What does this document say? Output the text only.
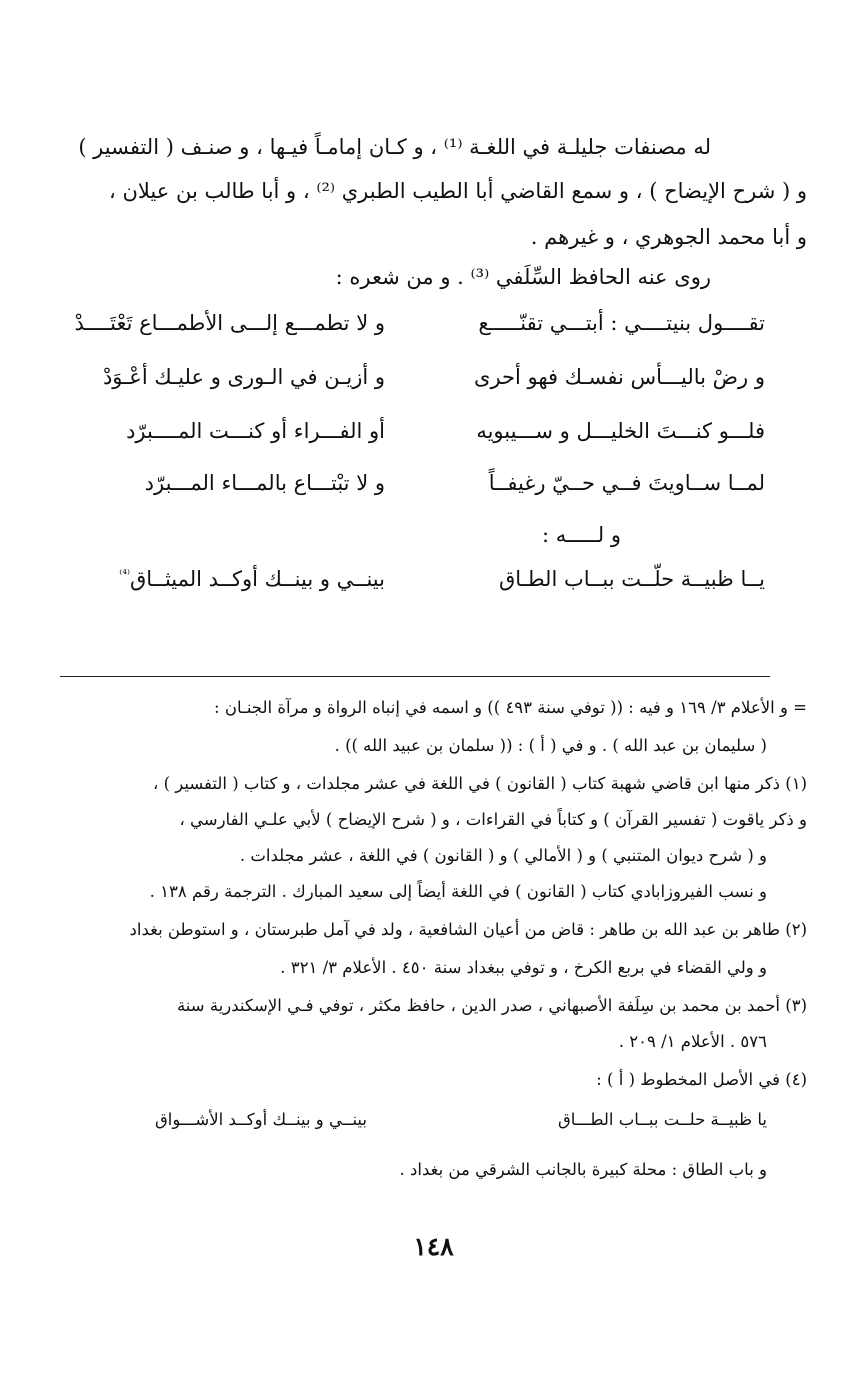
له مصنفات جليلـة في اللغـة ⁽¹⁾ ، و كـان إمامـاً فيـها ، و صنـف ( التفسير )
و ( شرح الإيضاح ) ، و سمع القاضي أبا الطيب الطبري ⁽²⁾ ، و أبا طالب بن عيلان ،
و أبا محمد الجوهري ، و غيرهم .
روى عنه الحافظ السِّلَفي ⁽³⁾ . و من شعره :
تقــــول بنيتــــي : أبتـــي تقنّـــــع
و لا تطمـــع إلـــى الأطمـــاع تَعْتَــــدْ
و رضْ باليـــأس نفسـك فهو أحرى
و أزيـن في الـورى و عليـك أعْـوَدْ
فلـــو كنـــتَ الخليـــل و ســـيبويه
أو الفـــراء أو كنـــت المــــبرّد
لمــا ســاويتَ فــي حــيّ رغيفــاً
و لا تبْتـــاع بالمـــاء المـــبرّد
و لـــــه :
يــا ظبيــة حلّــت ببــاب الطـاق
بينــي و بينــك أوكــد الميثــاق$^{^{(4)}}$
= و الأعلام ٣/ ١٦٩ و فيه : (( توفي سنة ٤٩٣ )) و اسمه في إنباه الرواة و مرآة الجنـان :
( سليمان بن عبد الله ) . و في ( أ ) : (( سلمان بن عبيد الله )) .
(١) ذكر منها ابن قاضي شهبة كتاب ( القانون ) في اللغة في عشر مجلدات ، و كتاب ( التفسير ) ،
و ذكر ياقوت ( تفسير القرآن ) و كتاباً في القراءات ، و ( شرح الإيضاح ) لأبي علـي الفارسي ،
و ( شرح ديوان المتنبي ) و ( الأمالي ) و ( القانون ) في اللغة ، عشر مجلدات .
و نسب الفيروزابادي كتاب ( القانون ) في اللغة أيضاً إلى سعيد المبارك . الترجمة رقم ١٣٨ .
(٢) طاهر بن عبد الله بن طاهر : قاض من أعيان الشافعية ، ولد في آمل طبرستان ، و استوطن بغداد
و ولي القضاء في بربع الكرخ ، و توفي ببغداد سنة ٤٥٠ . الأعلام ٣/ ٣٢١ .
(٣) أحمد بن محمد بن سِلَفة الأصبهاني ، صدر الدين ، حافظ مكثر ، توفي فـي الإسكندرية سنة
٥٧٦ . الأعلام ١/ ٢٠٩ .
(٤) في الأصل المخطوط ( أ ) :
يا ظبيــة حلــت ببــاب الطـــاق
بينــي و بينــك أوكــد الأشـــواق
و باب الطاق : محلة كبيرة بالجانب الشرقي من بغداد .
١٤٨
